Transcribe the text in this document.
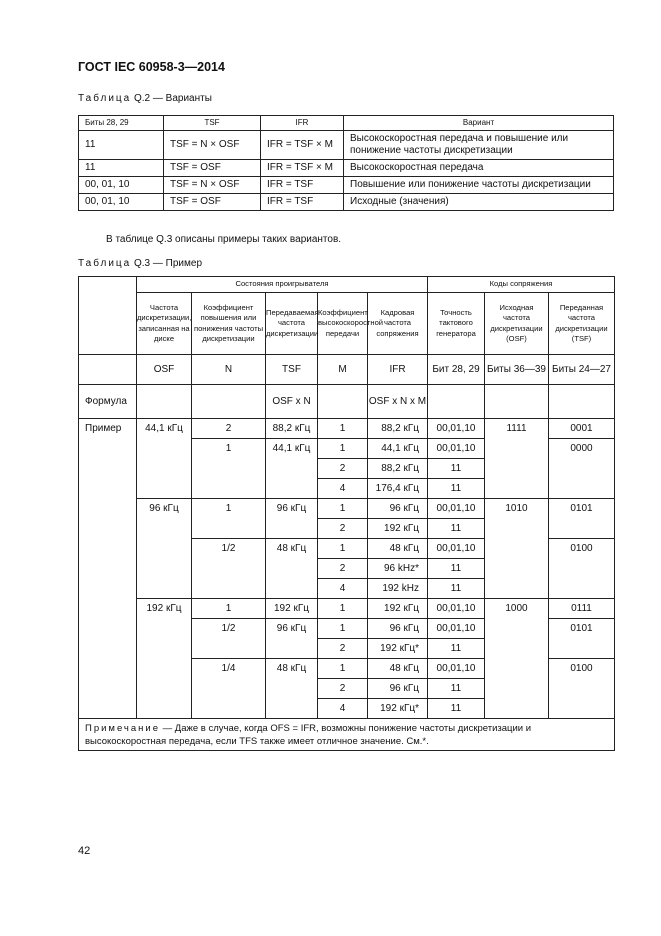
ГОСТ IEC 60958-3—2014
Таблица Q.2 — Варианты
Биты 28, 29	TSF	IFR	Вариант
11	TSF = N × OSF	IFR = TSF × M	Высокоскоростная передача и повышение или понижение частоты дискретизации
11	TSF = OSF	IFR = TSF × M	Высокоскоростная передача
00, 01, 10	TSF = N × OSF	IFR = TSF	Повышение или понижение частоты дискретизации
00, 01, 10	TSF = OSF	IFR = TSF	Исходные (значения)
В таблице Q.3 описаны примеры таких вариантов.
Таблица Q.3 — Пример
	Состояния проигрывателя					Коды сопряжения		
	Частота дискретизации, записанная на диске	Коэффициент повышения или понижения частоты дискретизации	Передаваемая частота дискретизации	Коэффициент высокоскоростной передачи	Кадровая частота сопряжения	Точность тактового генератора	Исходная частота дискретизации (OSF)	Переданная частота дискретизации (TSF)
	OSF	N	TSF	M	IFR	Бит 28, 29	Биты 36—39	Биты 24—27
Формула			OSF x N		OSF x N x M			
Пример	44,1 кГц	2	88,2 кГц	1	88,2 кГц	00,01,10	1111	0001
		1	44,1 кГц	1	44,1 кГц	00,01,10		0000
				2	88,2 кГц	11		
				4	176,4 кГц	11		
	96 кГц	1	96 кГц	1	96 кГц	00,01,10	1010	0101
				2	192 кГц	11		
		1/2	48 кГц	1	48 кГц	00,01,10		0100
				2	96 kHz*	11		
				4	192 kHz	11		
	192 кГц	1	192 кГц	1	192 кГц	00,01,10	1000	0111
		1/2	96 кГц	1	96 кГц	00,01,10		0101
				2	192 кГц*	11		
		1/4	48 кГц	1	48 кГц	00,01,10		0100
				2	96 кГц	11		
				4	192 кГц*	11		
Примечание — Даже в случае, когда OFS = IFR, возможны понижение частоты дискретизации и высокоскоростная передача, если TFS также имеет отличное значение. См.*.								
42
